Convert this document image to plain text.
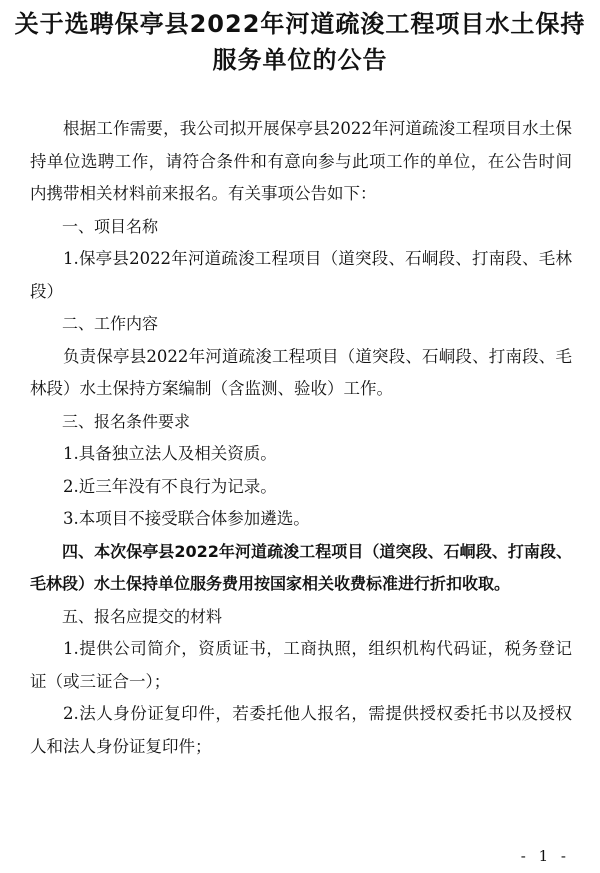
关于选聘保亭县2022年河道疏浚工程项目水土保持服务单位的公告

根据工作需要，我公司拟开展保亭县2022年河道疏浚工程项目水土保持单位选聘工作，请符合条件和有意向参与此项工作的单位，在公告时间内携带相关材料前来报名。有关事项公告如下：

一、项目名称

1.保亭县2022年河道疏浚工程项目（道突段、石峒段、打南段、毛林段）

二、工作内容

负责保亭县2022年河道疏浚工程项目（道突段、石峒段、打南段、毛林段）水土保持方案编制（含监测、验收）工作。

三、报名条件要求

1.具备独立法人及相关资质。

2.近三年没有不良行为记录。

3.本项目不接受联合体参加遴选。

四、本次保亭县2022年河道疏浚工程项目（道突段、石峒段、打南段、毛林段）水土保持单位服务费用按国家相关收费标准进行折扣收取。

五、报名应提交的材料

1.提供公司简介，资质证书，工商执照，组织机构代码证，税务登记证（或三证合一）；

2.法人身份证复印件，若委托他人报名，需提供授权委托书以及授权人和法人身份证复印件；

- 1 -
